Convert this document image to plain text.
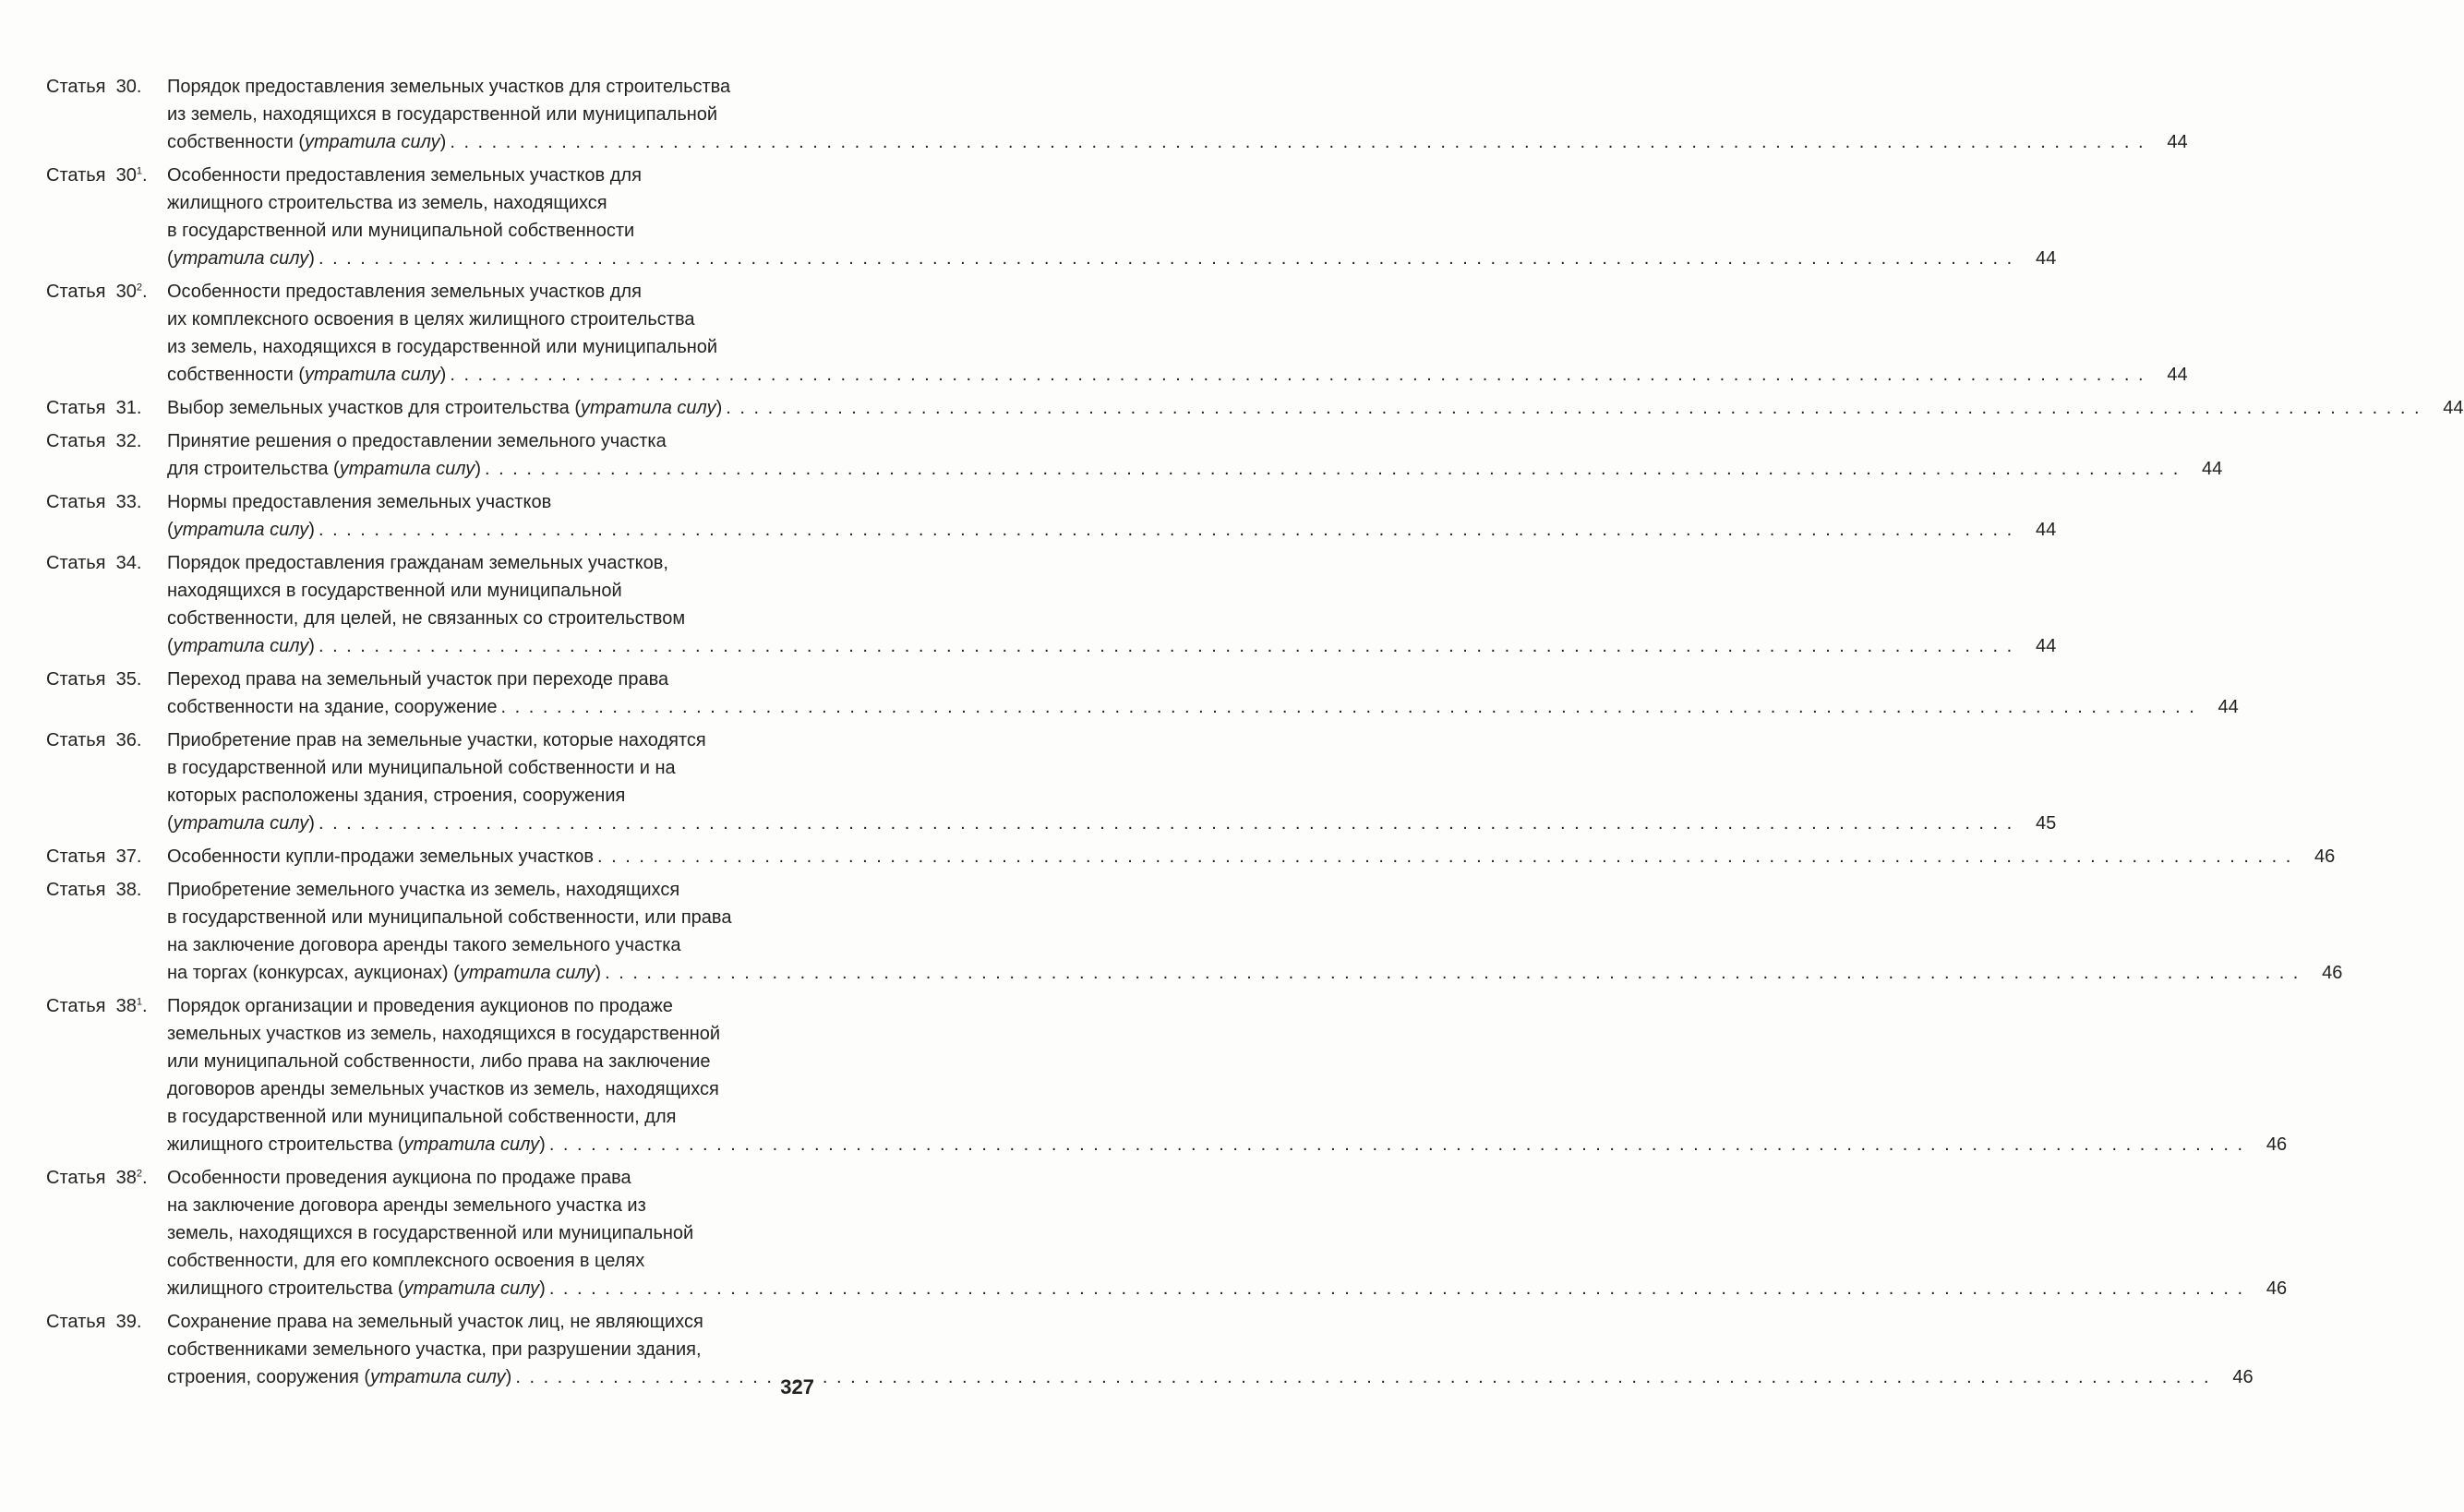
Статья 30.	Порядок предоставления земельных участков для строительства
из земель, находящихся в государственной или муниципальной
собственности (утратила силу) . . .	44
Статья $30^1$.	Особенности предоставления земельных участков для
жилищного строительства из земель, находящихся
в государственной или муниципальной собственности
(утратила силу) . . .	44
Статья $30^2$.	Особенности предоставления земельных участков для
их комплексного освоения в целях жилищного строительства
из земель, находящихся в государственной или муниципальной
собственности (утратила силу) . . .	44
Статья 31.	Выбор земельных участков для строительства (утратила силу) . . .	44
Статья 32.	Принятие решения о предоставлении земельного участка
для строительства (утратила силу) . . .	44
Статья 33.	Нормы предоставления земельных участков
(утратила силу) . . .	44
Статья 34.	Порядок предоставления гражданам земельных участков,
находящихся в государственной или муниципальной
собственности, для целей, не связанных со строительством
(утратила силу) . . .	44
Статья 35.	Переход права на земельный участок при переходе права
собственности на здание, сооружение . . .	44
Статья 36.	Приобретение прав на земельные участки, которые находятся
в государственной или муниципальной собственности и на
которых расположены здания, строения, сооружения
(утратила силу) . . .	45
Статья 37.	Особенности купли-продажи земельных участков . . .	46
Статья 38.	Приобретение земельного участка из земель, находящихся
в государственной или муниципальной собственности, или права
на заключение договора аренды такого земельного участка
на торгах (конкурсах, аукционах) (утратила силу) . . .	46
Статья $38^1$.	Порядок организации и проведения аукционов по продаже
земельных участков из земель, находящихся в государственной
или муниципальной собственности, либо права на заключение
договоров аренды земельных участков из земель, находящихся
в государственной или муниципальной собственности, для
жилищного строительства (утратила силу) . . .	46
Статья $38^2$.	Особенности проведения аукциона по продаже права
на заключение договора аренды земельного участка из
земель, находящихся в государственной или муниципальной
собственности, для его комплексного освоения в целях
жилищного строительства (утратила силу) . . .	46
Статья 39.	Сохранение права на земельный участок лиц, не являющихся
собственниками земельного участка, при разрушении здания,
строения, сооружения (утратила силу) . . .	46
327
